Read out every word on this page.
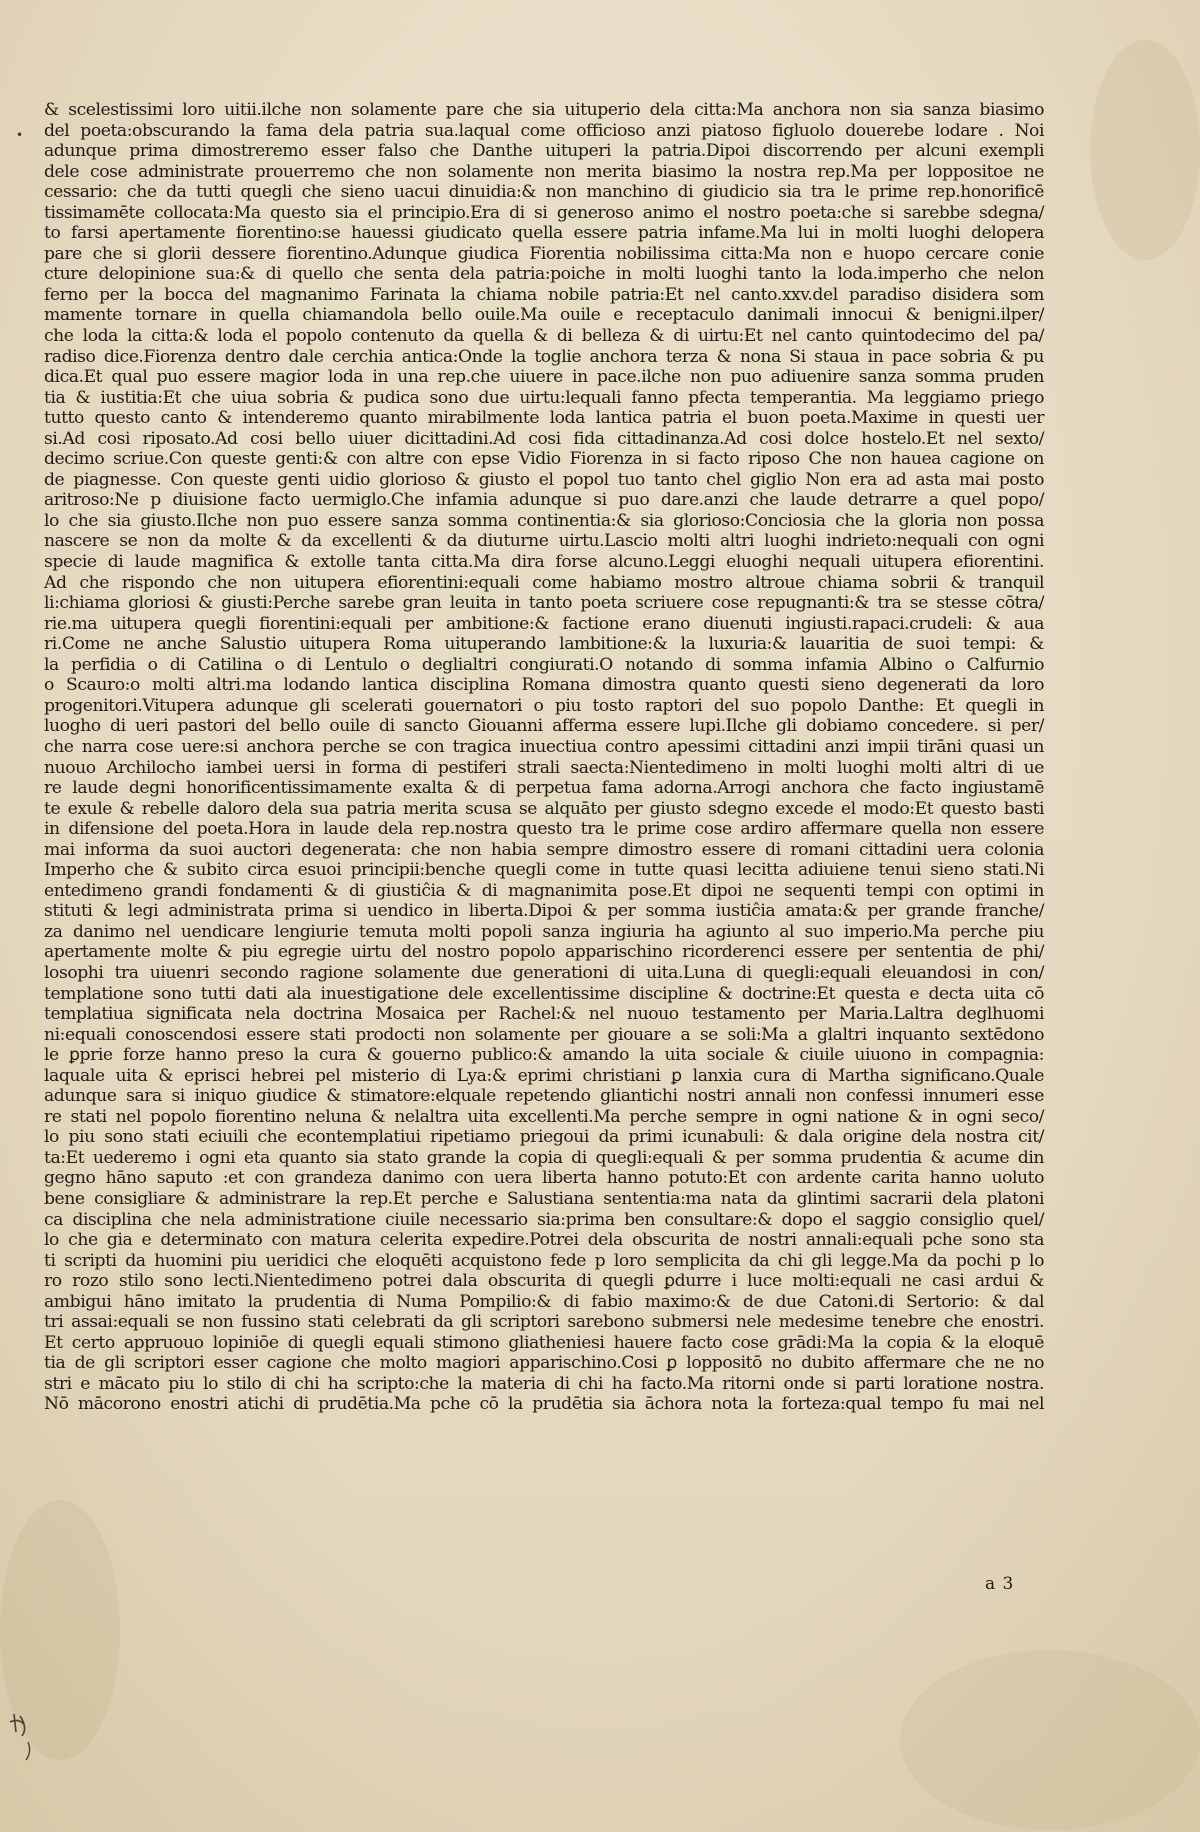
•
& scelestissimi loro uitii.ilche non solamente pare che sia uituperio dela citta:Ma anchora non sia sanza biasimo
del poeta:obscurando la fama dela patria sua.laqual come officioso anzi piatoso figluolo douerebe lodare . Noi
adunque prima dimostreremo esser falso che Danthe uituperi la patria.Dipoi discorrendo per alcuni exempli
dele cose administrate prouerremo che non solamente non merita biasimo la nostra rep.Ma per loppositoe ne
cessario: che da tutti quegli che sieno uacui dinuidia:& non manchino di giudicio sia tra le prime rep.honorificē
tissimamēte collocata:Ma questo sia el principio.Era di si generoso animo el nostro poeta:che si sarebbe sdegna/
to farsi apertamente fiorentino:se hauessi giudicato quella essere patria infame.Ma lui in molti luoghi delopera
pare che si glorii dessere fiorentino.Adunque giudica Fiorentia nobilissima citta:Ma non e huopo cercare conie
cture delopinione sua:& di quello che senta dela patria:poiche in molti luoghi tanto la loda.imperho che nelon
ferno per la bocca del magnanimo Farinata la chiama nobile patria:Et nel canto.xxv.del paradiso disidera som
mamente tornare in quella chiamandola bello ouile.Ma ouile e receptaculo danimali innocui & benigni.ilper/
che loda la citta:& loda el popolo contenuto da quella & di belleza & di uirtu:Et nel canto quintodecimo del pa/
radiso dice.Fiorenza dentro dale cerchia antica:Onde la toglie anchora terza & nona Si staua in pace sobria & pu
dica.Et qual puo essere magior loda in una rep.che uiuere in pace.ilche non puo adiuenire sanza somma pruden
tia & iustitia:Et che uiua sobria & pudica sono due uirtu:lequali fanno pfecta temperantia. Ma leggiamo priego
tutto questo canto & intenderemo quanto mirabilmente loda lantica patria el buon poeta.Maxime in questi uer
si.Ad cosi riposato.Ad cosi bello uiuer dicittadini.Ad cosi fida cittadinanza.Ad cosi dolce hostelo.Et nel sexto/
decimo scriue.Con queste genti:& con altre con epse Vidio Fiorenza in si facto riposo Che non hauea cagione on
de piagnesse. Con queste genti uidio glorioso & giusto el popol tuo tanto chel giglio Non era ad asta mai posto
aritroso:Ne p diuisione facto uermiglo.Che infamia adunque si puo dare.anzi che laude detrarre a quel popo/
lo che sia giusto.Ilche non puo essere sanza somma continentia:& sia glorioso:Conciosia che la gloria non possa
nascere se non da molte & da excellenti & da diuturne uirtu.Lascio molti altri luoghi indrieto:nequali con ogni
specie di laude magnifica & extolle tanta citta.Ma dira forse alcuno.Leggi eluoghi nequali uitupera efiorentini.
Ad che rispondo che non uitupera efiorentini:equali come habiamo mostro altroue chiama sobrii & tranquil
li:chiama gloriosi & giusti:Perche sarebe gran leuita in tanto poeta scriuere cose repugnanti:& tra se stesse cōtra/
rie.ma uitupera quegli fiorentini:equali per ambitione:& factione erano diuenuti ingiusti.rapaci.crudeli: & aua
ri.Come ne anche Salustio uitupera Roma uituperando lambitione:& la luxuria:& lauaritia de suoi tempi: &
la perfidia o di Catilina o di Lentulo o deglialtri congiurati.O notando di somma infamia Albino o Calfurnio
o Scauro:o molti altri.ma lodando lantica disciplina Romana dimostra quanto questi sieno degenerati da loro
progenitori.Vitupera adunque gli scelerati gouernatori o piu tosto raptori del suo popolo Danthe: Et quegli in
luogho di ueri pastori del bello ouile di sancto Giouanni afferma essere lupi.Ilche gli dobiamo concedere. si per/
che narra cose uere:si anchora perche se con tragica inuectiua contro apessimi cittadini anzi impii tirāni quasi un
nuouo Archilocho iambei uersi in forma di pestiferi strali saecta:Nientedimeno in molti luoghi molti altri di ue
re laude degni honorificentissimamente exalta & di perpetua fama adorna.Arrogi anchora che facto ingiustamē
te exule & rebelle daloro dela sua patria merita scusa se alquāto per giusto sdegno excede el modo:Et questo basti
in difensione del poeta.Hora in laude dela rep.nostra questo tra le prime cose ardiro affermare quella non essere
mai informa da suoi auctori degenerata: che non habia sempre dimostro essere di romani cittadini uera colonia
Imperho che & subito circa esuoi principii:benche quegli come in tutte quasi lecitta adiuiene tenui sieno stati.Ni
entedimeno grandi fondamenti & di giustiĉia & di magnanimita pose.Et dipoi ne sequenti tempi con optimi in
stituti & legi administrata prima si uendico in liberta.Dipoi & per somma iustiĉia amata:& per grande franche/
za danimo nel uendicare lengiurie temuta molti popoli sanza ingiuria ha agiunto al suo imperio.Ma perche piu
apertamente molte & piu egregie uirtu del nostro popolo apparischino ricorderenci essere per sententia de phi/
losophi tra uiuenri secondo ragione solamente due generationi di uita.Luna di quegli:equali eleuandosi in con/
templatione sono tutti dati ala inuestigatione dele excellentissime discipline & doctrine:Et questa e decta uita cō
templatiua significata nela doctrina Mosaica per Rachel:& nel nuouo testamento per Maria.Laltra deglhuomi
ni:equali conoscendosi essere stati prodocti non solamente per giouare a se soli:Ma a glaltri inquanto sextēdono
le ꝑprie forze hanno preso la cura & gouerno publico:& amando la uita sociale & ciuile uiuono in compagnia:
laquale uita & eprisci hebrei pel misterio di Lya:& eprimi christiani ꝑ lanxia cura di Martha significano.Quale
adunque sara si iniquo giudice & stimatore:elquale repetendo gliantichi nostri annali non confessi innumeri esse
re stati nel popolo fiorentino neluna & nelaltra uita excellenti.Ma perche sempre in ogni natione & in ogni seco/
lo piu sono stati eciuili che econtemplatiui ripetiamo priegoui da primi icunabuli: & dala origine dela nostra cit/
ta:Et uederemo i ogni eta quanto sia stato grande la copia di quegli:equali & per somma prudentia & acume din
gegno hāno saputo :et con grandeza danimo con uera liberta hanno potuto:Et con ardente carita hanno uoluto
bene consigliare & administrare la rep.Et perche e Salustiana sententia:ma nata da glintimi sacrarii dela platoni
ca disciplina che nela administratione ciuile necessario sia:prima ben consultare:& dopo el saggio consiglio quel/
lo che gia e determinato con matura celerita expedire.Potrei dela obscurita de nostri annali:equali pche sono sta
ti scripti da huomini piu ueridici che eloquēti acquistono fede p loro semplicita da chi gli legge.Ma da pochi p lo
ro rozo stilo sono lecti.Nientedimeno potrei dala obscurita di quegli ꝑdurre i luce molti:equali ne casi ardui &
ambigui hāno imitato la prudentia di Numa Pompilio:& di fabio maximo:& de due Catoni.di Sertorio: & dal
tri assai:equali se non fussino stati celebrati da gli scriptori sarebono submersi nele medesime tenebre che enostri.
Et certo appruouo lopiniōe di quegli equali stimono gliatheniesi hauere facto cose grādi:Ma la copia & la eloquē
tia de gli scriptori esser cagione che molto magiori apparischino.Cosi ꝑ loppositō no dubito affermare che ne no
stri e mācato piu lo stilo di chi ha scripto:che la materia di chi ha facto.Ma ritorni onde si parti loratione nostra.
Nō mācorono enostri atichi di prudētia.Ma pche cō la prudētia sia āchora nota la forteza:qual tempo fu mai nel
a 3
